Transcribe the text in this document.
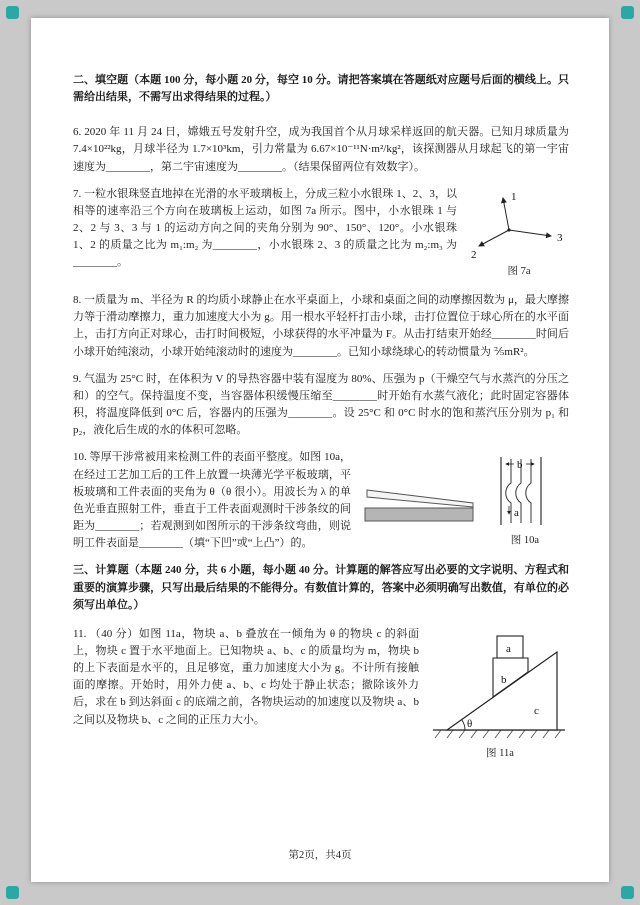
二、填空题（本题 100 分，每小题 20 分，每空 10 分。请把答案填在答题纸对应题号后面的横线上。只需给出结果，不需写出求得结果的过程。）

6. 2020 年 11 月 24 日，嫦娥五号发射升空，成为我国首个从月球采样返回的航天器。已知月球质量为 7.4×10²²kg，月球半径为 1.7×10³km，引力常量为 6.67×10⁻¹¹N·m²/kg²，该探测器从月球起飞的第一宇宙速度为________，第二宇宙速度为________。（结果保留两位有效数字）。

1
2
3
图 7a

7. 一粒水银珠竖直地掉在光滑的水平玻璃板上，分成三粒小水银珠 1、2、3，以相等的速率沿三个方向在玻璃板上运动，如图 7a 所示。图中，小水银珠 1 与 2、2 与 3、3 与 1 的运动方向之间的夹角分别为 90°、150°、120°。小水银珠 1、2 的质量之比为 m₁:m₂ 为________，小水银珠 2、3 的质量之比为 m₂:m₃ 为________。

8. 一质量为 m、半径为 R 的均质小球静止在水平桌面上，小球和桌面之间的动摩擦因数为 μ，最大摩擦力等于滑动摩擦力，重力加速度大小为 g。用一根水平轻杆打击小球，击打位置位于球心所在的水平面上，击打方向正对球心，击打时间极短，小球获得的水平冲量为 F。从击打结束开始经________时间后小球开始纯滚动，小球开始纯滚动时的速度为________。已知小球绕球心的转动惯量为 ⅖mR²。

9. 气温为 25°C 时，在体积为 V 的导热容器中装有湿度为 80%、压强为 p（干燥空气与水蒸汽的分压之和）的空气。保持温度不变，当容器体积缓慢压缩至________时开始有水蒸气液化；此时固定容器体积，将温度降低到 0°C 后，容器内的压强为________。设 25°C 和 0°C 时水的饱和蒸汽压分别为 p₁ 和 p₂，液化后生成的水的体积可忽略。

b
a
图 10a

10. 等厚干涉常被用来检测工件的表面平整度。如图 10a，在经过工艺加工后的工件上放置一块薄光学平板玻璃，平板玻璃和工件表面的夹角为 θ（θ 很小）。用波长为 λ 的单色光垂直照射工件，垂直于工件表面观测时干涉条纹的间距为________；若观测到如图所示的干涉条纹弯曲，则说明工件表面是________（填“下凹”或“上凸”）的。

三、计算题（本题 240 分，共 6 小题，每小题 40 分。计算题的解答应写出必要的文字说明、方程式和重要的演算步骤，只写出最后结果的不能得分。有数值计算的，答案中必须明确写出数值，有单位的必须写出单位。）

θ
a
b
c
图 11a

11. （40 分）如图 11a，物块 a、b 叠放在一倾角为 θ 的物块 c 的斜面上，物块 c 置于水平地面上。已知物块 a、b、c 的质量均为 m，物块 b 的上下表面是水平的，且足够宽，重力加速度大小为 g。不计所有接触面的摩擦。开始时，用外力使 a、b、c 均处于静止状态；撤除该外力后，求在 b 到达斜面 c 的底端之前，各物块运动的加速度以及物块 a、b 之间以及物块 b、c 之间的正压力大小。

第2页，共4页
